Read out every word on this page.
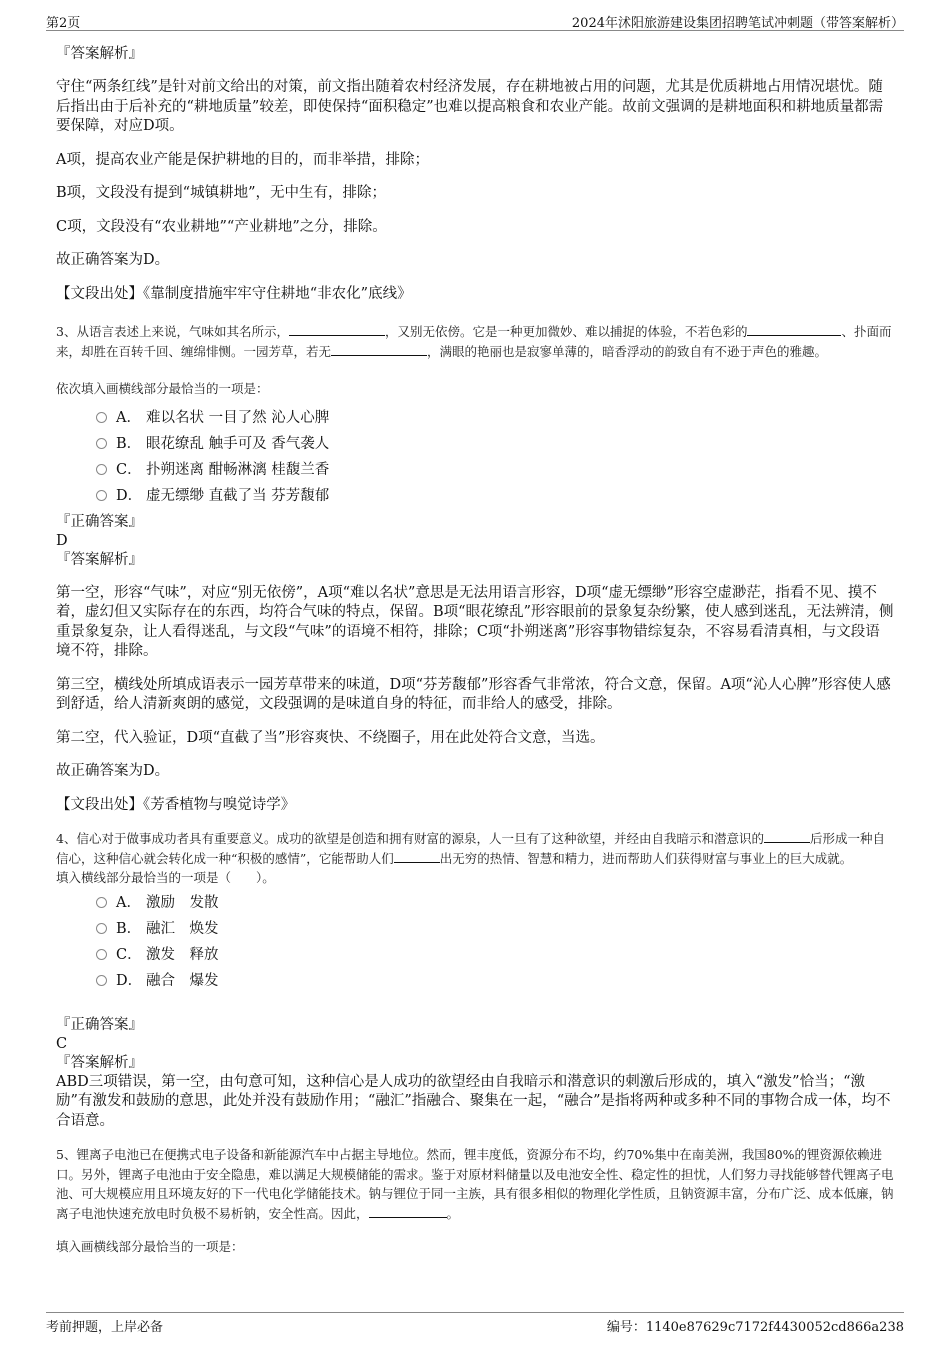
第2页	2024年沭阳旅游建设集团招聘笔试冲刺题（带答案解析）

『答案解析』

守住“两条红线”是针对前文给出的对策，前文指出随着农村经济发展，存在耕地被占用的问题，尤其是优质耕地占用情况堪忧。随后指出由于后补充的“耕地质量”较差，即使保持“面积稳定”也难以提高粮食和农业产能。故前文强调的是耕地面积和耕地质量都需要保障，对应D项。

A项，提高农业产能是保护耕地的目的，而非举措，排除；

B项，文段没有提到“城镇耕地”，无中生有，排除；

C项，文段没有“农业耕地”“产业耕地”之分，排除。

故正确答案为D。

【文段出处】《靠制度措施牢牢守住耕地“非农化”底线》

3、从语言表述上来说，气味如其名所示，	，又别无依傍。它是一种更加微妙、难以捕捉的体验，不若色彩的	、扑面而来，却胜在百转千回、缠绵悱恻。一园芳草，若无	，满眼的艳丽也是寂寥单薄的，暗香浮动的韵致自有不逊于声色的雅趣。

依次填入画横线部分最恰当的一项是：

A． 难以名状 一目了然 沁人心脾

B． 眼花缭乱 触手可及 香气袭人

C． 扑朔迷离 酣畅淋漓 桂馥兰香

D． 虚无缥缈 直截了当 芬芳馥郁

『正确答案』

D

『答案解析』

第一空，形容“气味”，对应“别无依傍”，A项“难以名状”意思是无法用语言形容，D项“虚无缥缈”形容空虚渺茫，指看不见、摸不着，虚幻但又实际存在的东西，均符合气味的特点，保留。B项“眼花缭乱”形容眼前的景象复杂纷繁，使人感到迷乱，无法辨清，侧重景象复杂，让人看得迷乱，与文段“气味”的语境不相符，排除；C项“扑朔迷离”形容事物错综复杂，不容易看清真相，与文段语境不符，排除。

第三空，横线处所填成语表示一园芳草带来的味道，D项“芬芳馥郁”形容香气非常浓，符合文意，保留。A项“沁人心脾”形容使人感到舒适，给人清新爽朗的感觉，文段强调的是味道自身的特征，而非给人的感受，排除。

第二空，代入验证，D项“直截了当”形容爽快、不绕圈子，用在此处符合文意，当选。

故正确答案为D。

【文段出处】《芳香植物与嗅觉诗学》

4、信心对于做事成功者具有重要意义。成功的欲望是创造和拥有财富的源泉，人一旦有了这种欲望，并经由自我暗示和潜意识的	后形成一种自信心，这种信心就会转化成一种“积极的感情”，它能帮助人们	出无穷的热情、智慧和精力，进而帮助人们获得财富与事业上的巨大成就。

填入横线部分最恰当的一项是（　　）。

A． 激励　发散

B． 融汇　焕发

C． 激发　释放

D． 融合　爆发

『正确答案』

C

『答案解析』

ABD三项错误，第一空，由句意可知，这种信心是人成功的欲望经由自我暗示和潜意识的刺激后形成的，填入“激发”恰当；“激励”有激发和鼓励的意思，此处并没有鼓励作用；“融汇”指融合、聚集在一起，“融合”是指将两种或多种不同的事物合成一体，均不合语意。

5、锂离子电池已在便携式电子设备和新能源汽车中占据主导地位。然而，锂丰度低，资源分布不均，约70%集中在南美洲，我国80%的锂资源依赖进口。另外，锂离子电池由于安全隐患，难以满足大规模储能的需求。鉴于对原材料储量以及电池安全性、稳定性的担忧，人们努力寻找能够替代锂离子电池、可大规模应用且环境友好的下一代电化学储能技术。钠与锂位于同一主族，具有很多相似的物理化学性质，且钠资源丰富，分布广泛、成本低廉，钠离子电池快速充放电时负极不易析钠，安全性高。因此，	。

填入画横线部分最恰当的一项是：

考前押题，上岸必备	编号：1140e87629c7172f4430052cd866a238
